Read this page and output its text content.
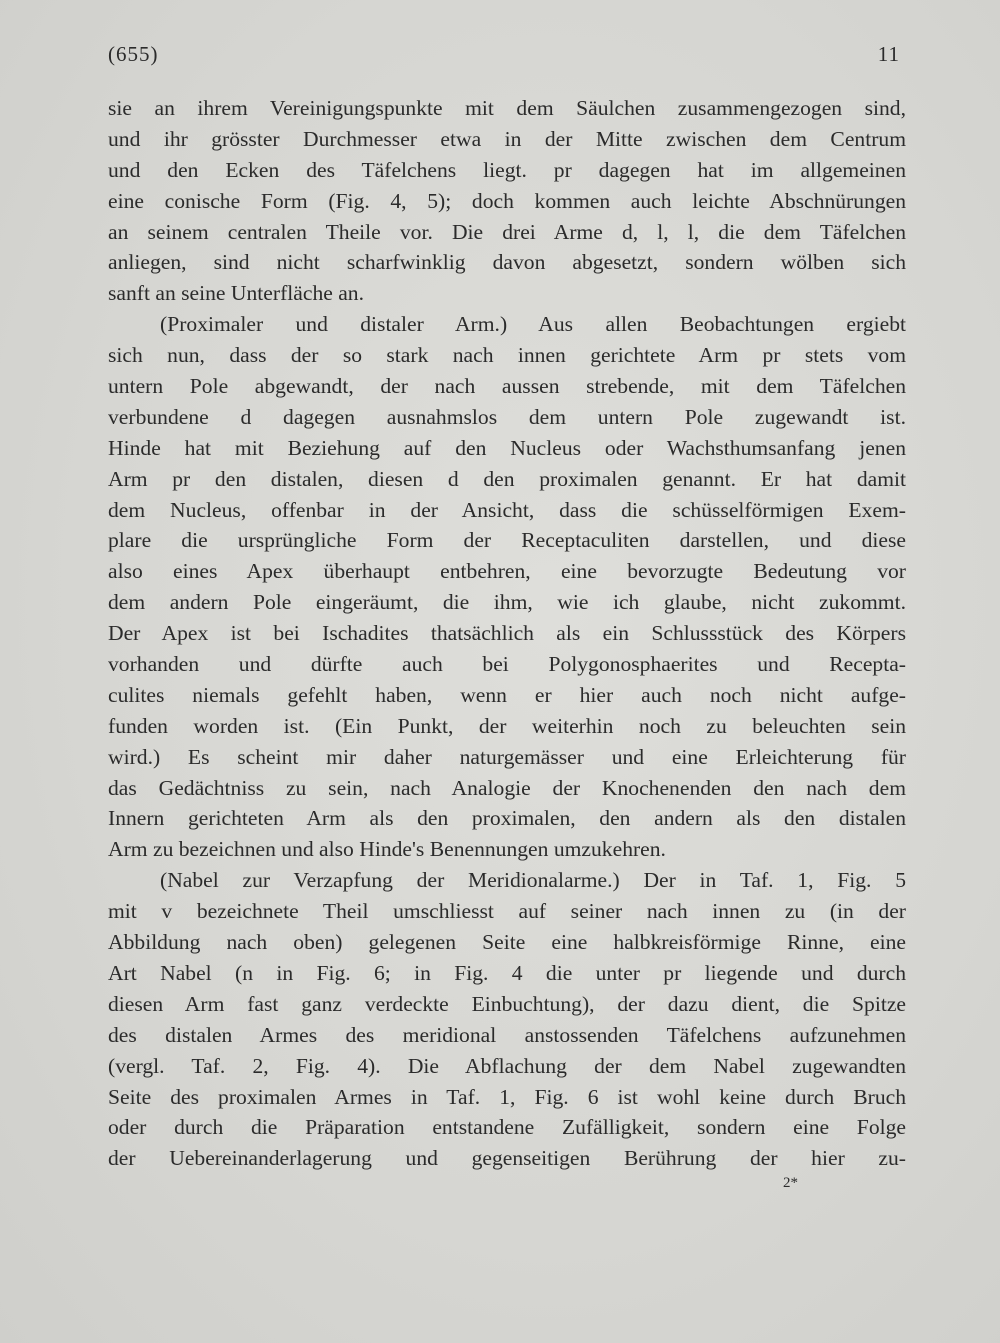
(655)	11
sie an ihrem Vereinigungspunkte mit dem Säulchen zusammengezogen sind,
und ihr grösster Durchmesser etwa in der Mitte zwischen dem Centrum
und den Ecken des Täfelchens liegt. pr dagegen hat im allgemeinen
eine conische Form (Fig. 4, 5); doch kommen auch leichte Abschnürungen
an seinem centralen Theile vor. Die drei Arme d, l, l, die dem Täfelchen
anliegen, sind nicht scharfwinklig davon abgesetzt, sondern wölben sich
sanft an seine Unterfläche an.
(Proximaler und distaler Arm.) Aus allen Beobachtungen ergiebt
sich nun, dass der so stark nach innen gerichtete Arm pr stets vom
untern Pole abgewandt, der nach aussen strebende, mit dem Täfelchen
verbundene d dagegen ausnahmslos dem untern Pole zugewandt ist.
Hinde hat mit Beziehung auf den Nucleus oder Wachsthumsanfang jenen
Arm pr den distalen, diesen d den proximalen genannt. Er hat damit
dem Nucleus, offenbar in der Ansicht, dass die schüsselförmigen Exem-
plare die ursprüngliche Form der Receptaculiten darstellen, und diese
also eines Apex überhaupt entbehren, eine bevorzugte Bedeutung vor
dem andern Pole eingeräumt, die ihm, wie ich glaube, nicht zukommt.
Der Apex ist bei Ischadites thatsächlich als ein Schlussstück des Körpers
vorhanden und dürfte auch bei Polygonosphaerites und Recepta-
culites niemals gefehlt haben, wenn er hier auch noch nicht aufge-
funden worden ist. (Ein Punkt, der weiterhin noch zu beleuchten sein
wird.) Es scheint mir daher naturgemässer und eine Erleichterung für
das Gedächtniss zu sein, nach Analogie der Knochenenden den nach dem
Innern gerichteten Arm als den proximalen, den andern als den distalen
Arm zu bezeichnen und also Hinde's Benennungen umzukehren.
(Nabel zur Verzapfung der Meridionalarme.) Der in Taf. 1, Fig. 5
mit v bezeichnete Theil umschliesst auf seiner nach innen zu (in der
Abbildung nach oben) gelegenen Seite eine halbkreisförmige Rinne, eine
Art Nabel (n in Fig. 6; in Fig. 4 die unter pr liegende und durch
diesen Arm fast ganz verdeckte Einbuchtung), der dazu dient, die Spitze
des distalen Armes des meridional anstossenden Täfelchens aufzunehmen
(vergl. Taf. 2, Fig. 4). Die Abflachung der dem Nabel zugewandten
Seite des proximalen Armes in Taf. 1, Fig. 6 ist wohl keine durch Bruch
oder durch die Präparation entstandene Zufälligkeit, sondern eine Folge
der Uebereinanderlagerung und gegenseitigen Berührung der hier zu-
2*
